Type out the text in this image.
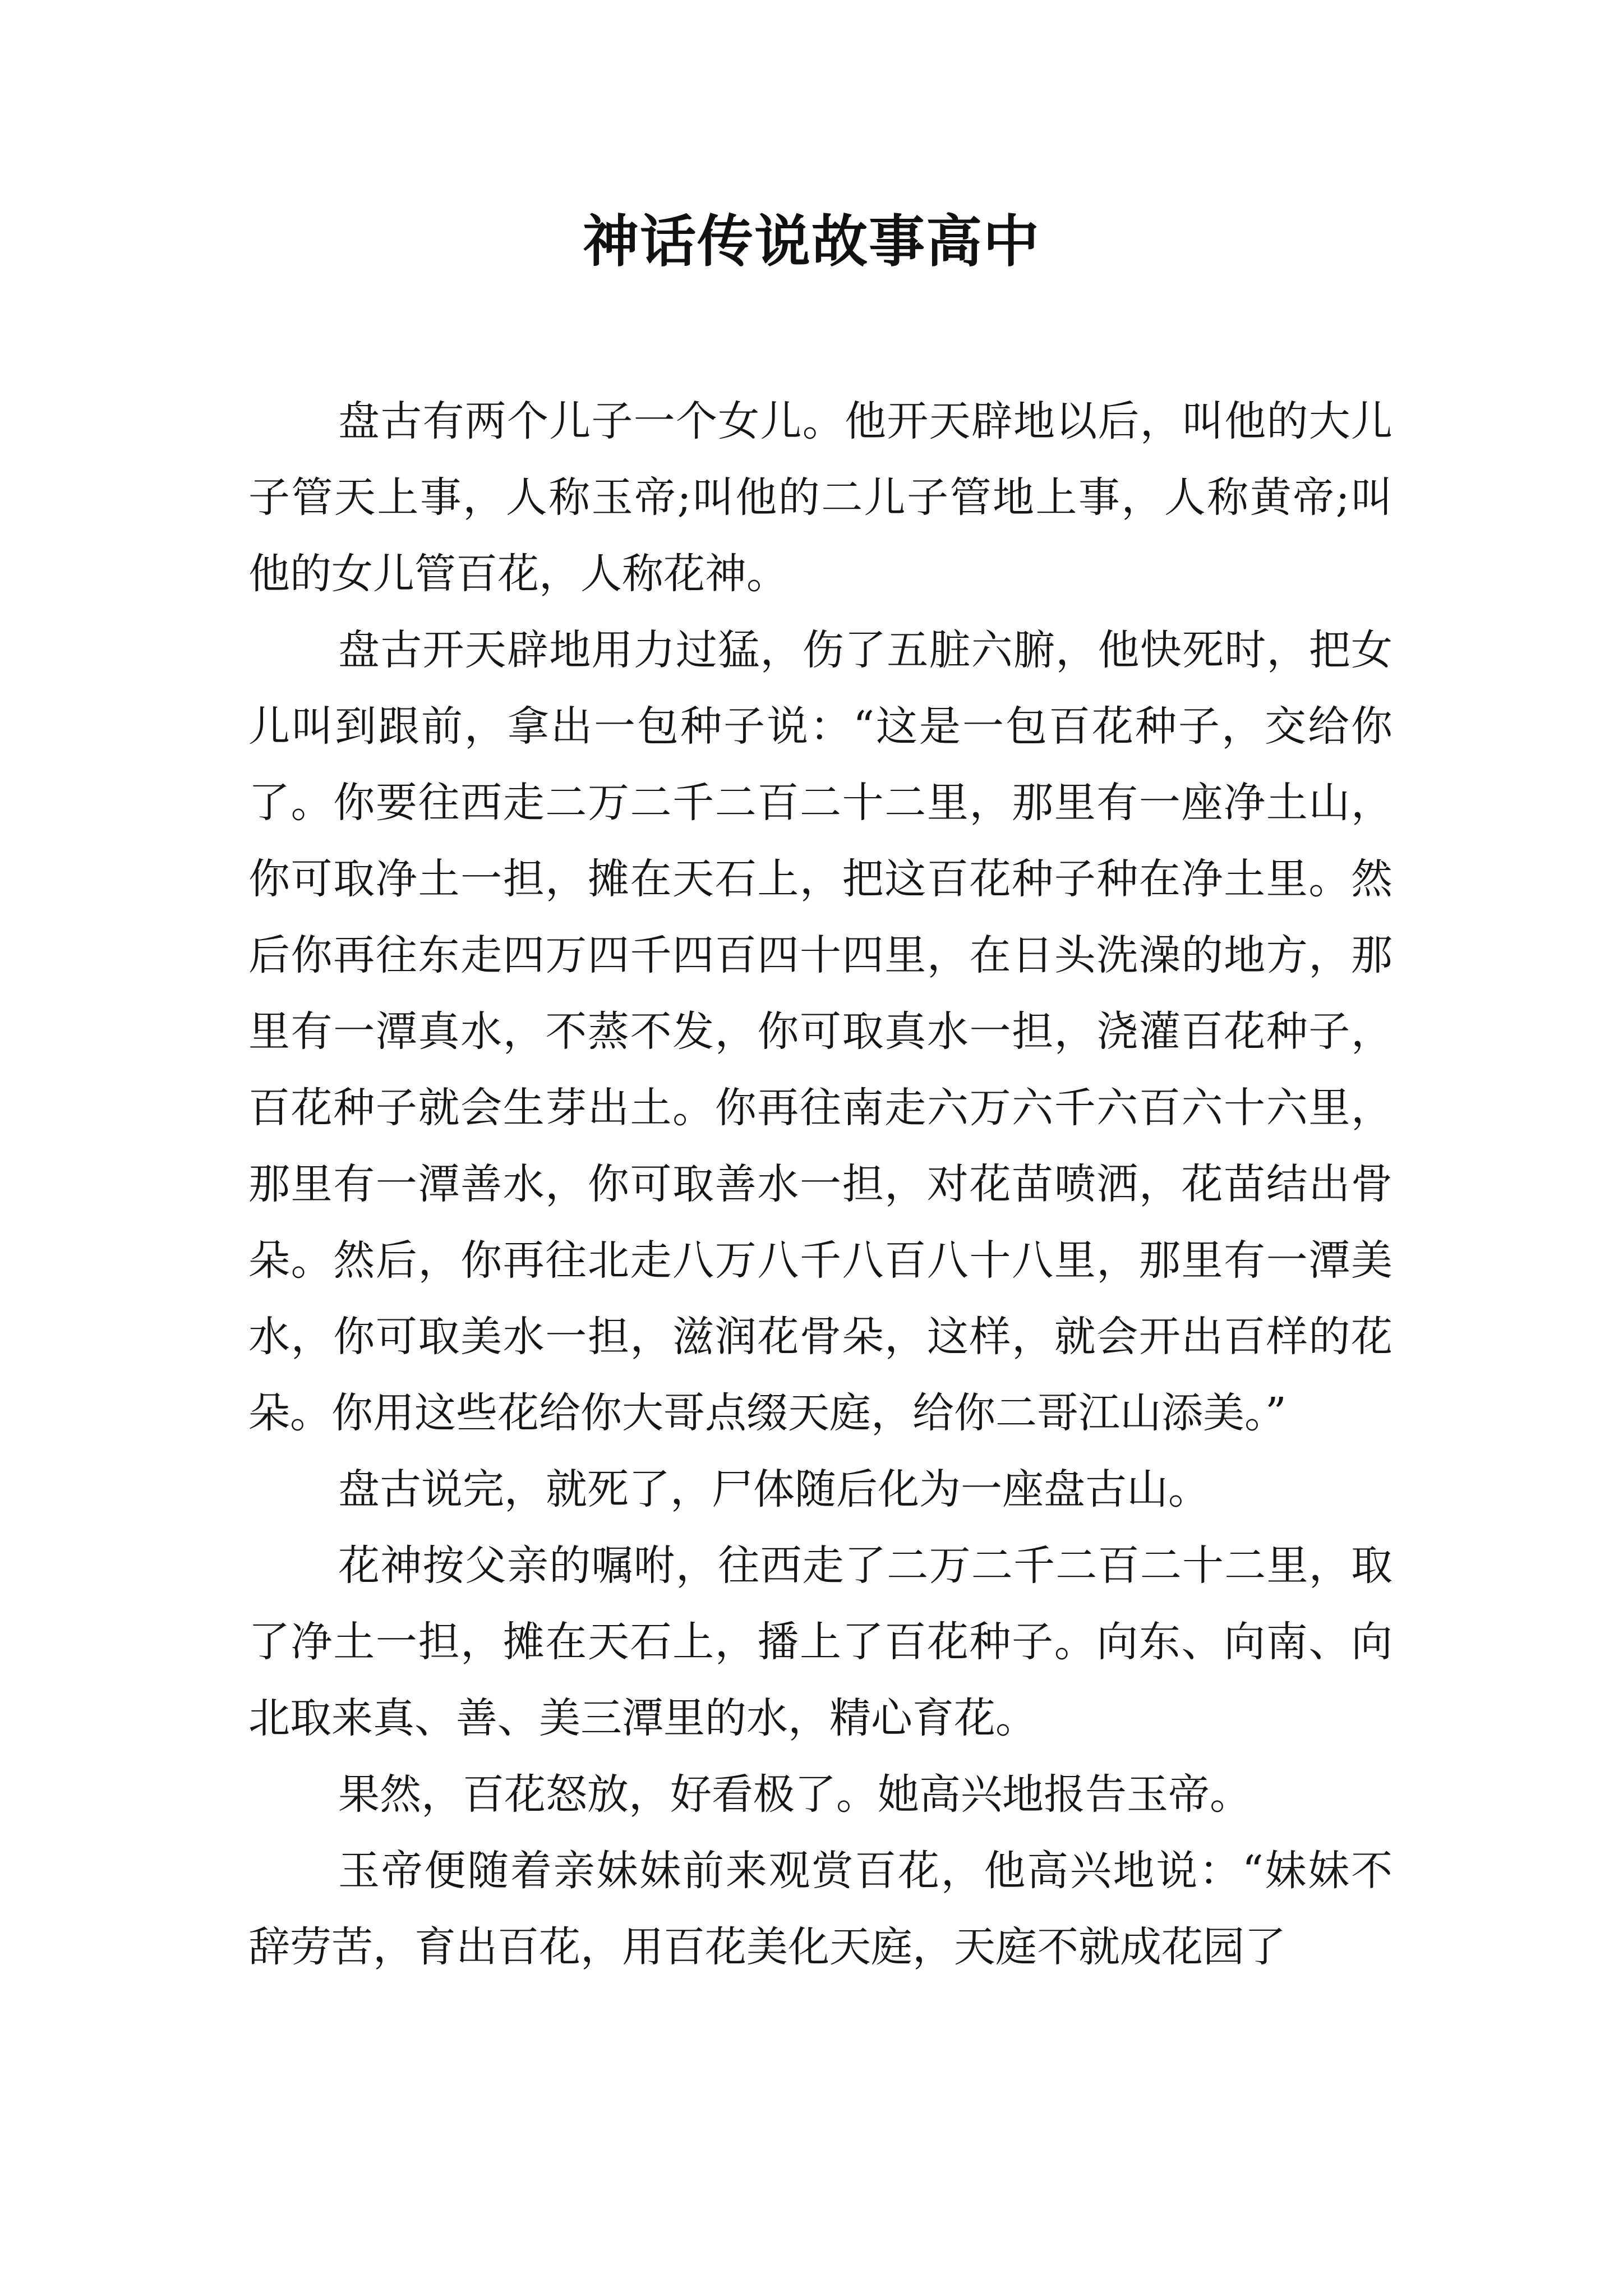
神话传说故事高中

盘古有两个儿子一个女儿。他开天辟地以后，叫他的大儿子管天上事，人称玉帝;叫他的二儿子管地上事，人称黄帝;叫他的女儿管百花，人称花神。

盘古开天辟地用力过猛，伤了五脏六腑，他快死时，把女儿叫到跟前，拿出一包种子说：“这是一包百花种子，交给你了。你要往西走二万二千二百二十二里，那里有一座净土山，你可取净土一担，摊在天石上，把这百花种子种在净土里。然后你再往东走四万四千四百四十四里，在日头洗澡的地方，那里有一潭真水，不蒸不发，你可取真水一担，浇灌百花种子，百花种子就会生芽出土。你再往南走六万六千六百六十六里，那里有一潭善水，你可取善水一担，对花苗喷洒，花苗结出骨朵。然后，你再往北走八万八千八百八十八里，那里有一潭美水，你可取美水一担，滋润花骨朵，这样，就会开出百样的花朵。你用这些花给你大哥点缀天庭，给你二哥江山添美。”

盘古说完，就死了，尸体随后化为一座盘古山。

花神按父亲的嘱咐，往西走了二万二千二百二十二里，取了净土一担，摊在天石上，播上了百花种子。向东、向南、向北取来真、善、美三潭里的水，精心育花。

果然，百花怒放，好看极了。她高兴地报告玉帝。

玉帝便随着亲妹妹前来观赏百花，他高兴地说：“妹妹不辞劳苦，育出百花，用百花美化天庭，天庭不就成花园了
